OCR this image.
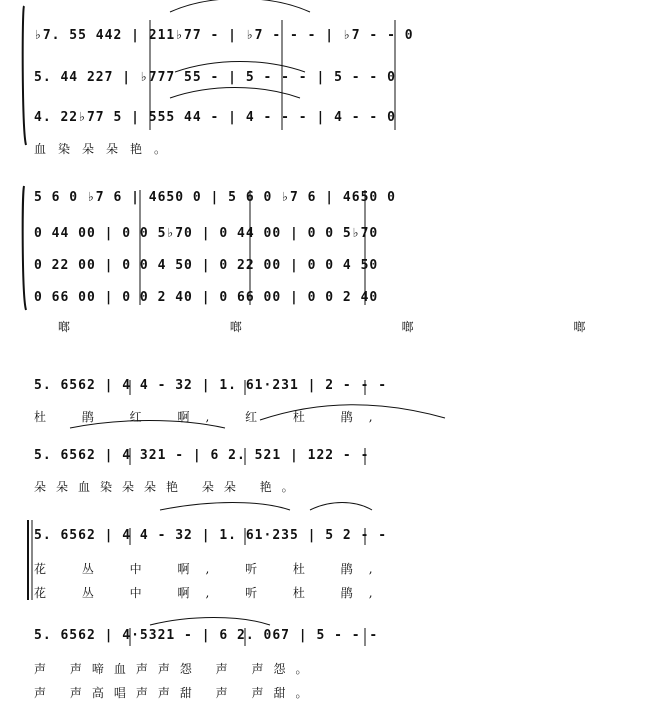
♭7. 55 442 | 211♭77 - | ♭7 - - - | ♭7 - - 0
5. 44 227 | ♭777 55 - | 5 - - - | 5 - - 0
4. 22♭77 5 | 555 44 - | 4 - - - | 4 - - 0
血染朵朵艳。
5 6 0 ♭7 6 | 4650 0 | 5 6 0 ♭7 6 | 4650 0
0 44 00 | 0 0 5♭70 | 0 44 00 | 0 0 5♭70
0 22 00 | 0 0 4 50 | 0 22 00 | 0 0 4 50
0 66 00 | 0 0 2 40 | 0 66 00 | 0 0 2 40
啷 啷 啷 啷
5. 6562 | 4 4 - 32 | 1. 61·231 | 2 - - -
杜 鹃 红 啊, 红 杜 鹃,
5. 6562 | 4 321 - | 6 2. 521 | 122 - -
朵朵血染朵朵艳 朵朵 艳。
5. 6562 | 4 4 - 32 | 1. 61·235 | 5 2 - -
花 丛 中 啊, 听 杜 鹃,
花 丛 中 啊, 听 杜 鹃,
5. 6562 | 4·5321 - | 6 2. 067 | 5 - - -
声 声啼血声声怨 声 声怨。
声 声高唱声声甜 声 声甜。
